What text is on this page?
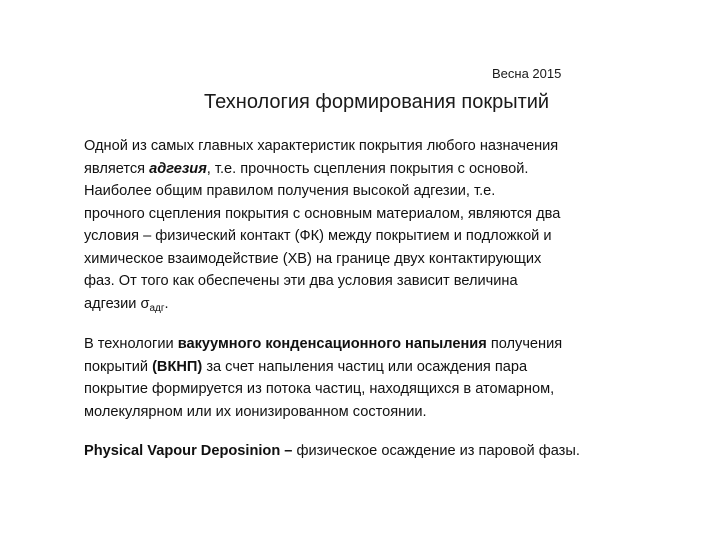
Весна 2015
Технология формирования покрытий
Одной из самых главных характеристик покрытия любого назначения
является адгезия, т.е. прочность сцепления покрытия с основой.
Наиболее общим правилом получения высокой адгезии, т.е.
прочного сцепления покрытия с основным материалом, являются два
условия – физический контакт (ФК) между покрытием и подложкой и
химическое взаимодействие (ХВ) на границе двух контактирующих
фаз. От того как обеспечены эти два условия зависит величина
адгезии $\sigma_{адг}$.
В технологии вакуумного конденсационного напыления получения
покрытий (ВКНП) за счет напыления частиц или осаждения пара
покрытие формируется из потока частиц, находящихся в атомарном,
молекулярном или их ионизированном состоянии.
Physical Vapour Deposinion – физическое осаждение из паровой фазы.
